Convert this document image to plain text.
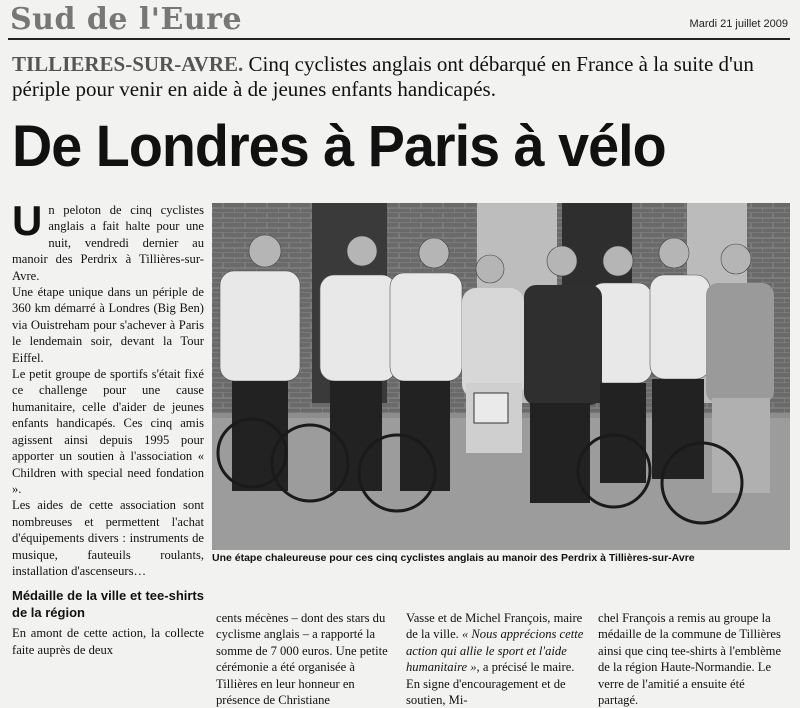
Sud de l'Eure	Mardi 21 juillet 2009
TILLIERES-SUR-AVRE. Cinq cyclistes anglais ont débarqué en France à la suite d'un périple pour venir en aide à de jeunes enfants handicapés.
De Londres à Paris à vélo
U n peloton de cinq cyclistes anglais a fait halte pour une nuit, vendredi dernier au manoir des Perdrix à Tillières-sur-Avre.

Une étape unique dans un périple de 360 km démarré à Londres (Big Ben) via Ouistreham pour s'achever à Paris le lendemain soir, devant la Tour Eiffel.

Le petit groupe de sportifs s'était fixé ce challenge pour une cause humanitaire, celle d'aider de jeunes enfants handicapés. Ces cinq amis agissent ainsi depuis 1995 pour apporter un soutien à l'association « Children with special need fondation ».

Les aides de cette association sont nombreuses et permettent l'achat d'équipements divers : instruments de musique, fauteuils roulants, installation d'ascenseurs…

Médaille de la ville et tee-shirts de la région

En amont de cette action, la collecte faite auprès de deux

Une étape chaleureuse pour ces cinq cyclistes anglais au manoir des Perdrix à Tillières-sur-Avre

cents mécènes – dont des stars du cyclisme anglais – a rapporté la somme de 7 000 euros. Une petite cérémonie a été organisée à Tillières en leur honneur en présence de Christiane

Vasse et de Michel François, maire de la ville. « Nous apprécions cette action qui allie le sport et l'aide humanitaire », a précisé le maire. En signe d'encouragement et de soutien, Mi-

chel François a remis au groupe la médaille de la commune de Tillières ainsi que cinq tee-shirts à l'emblème de la région Haute-Normandie. Le verre de l'amitié a ensuite été partagé.
